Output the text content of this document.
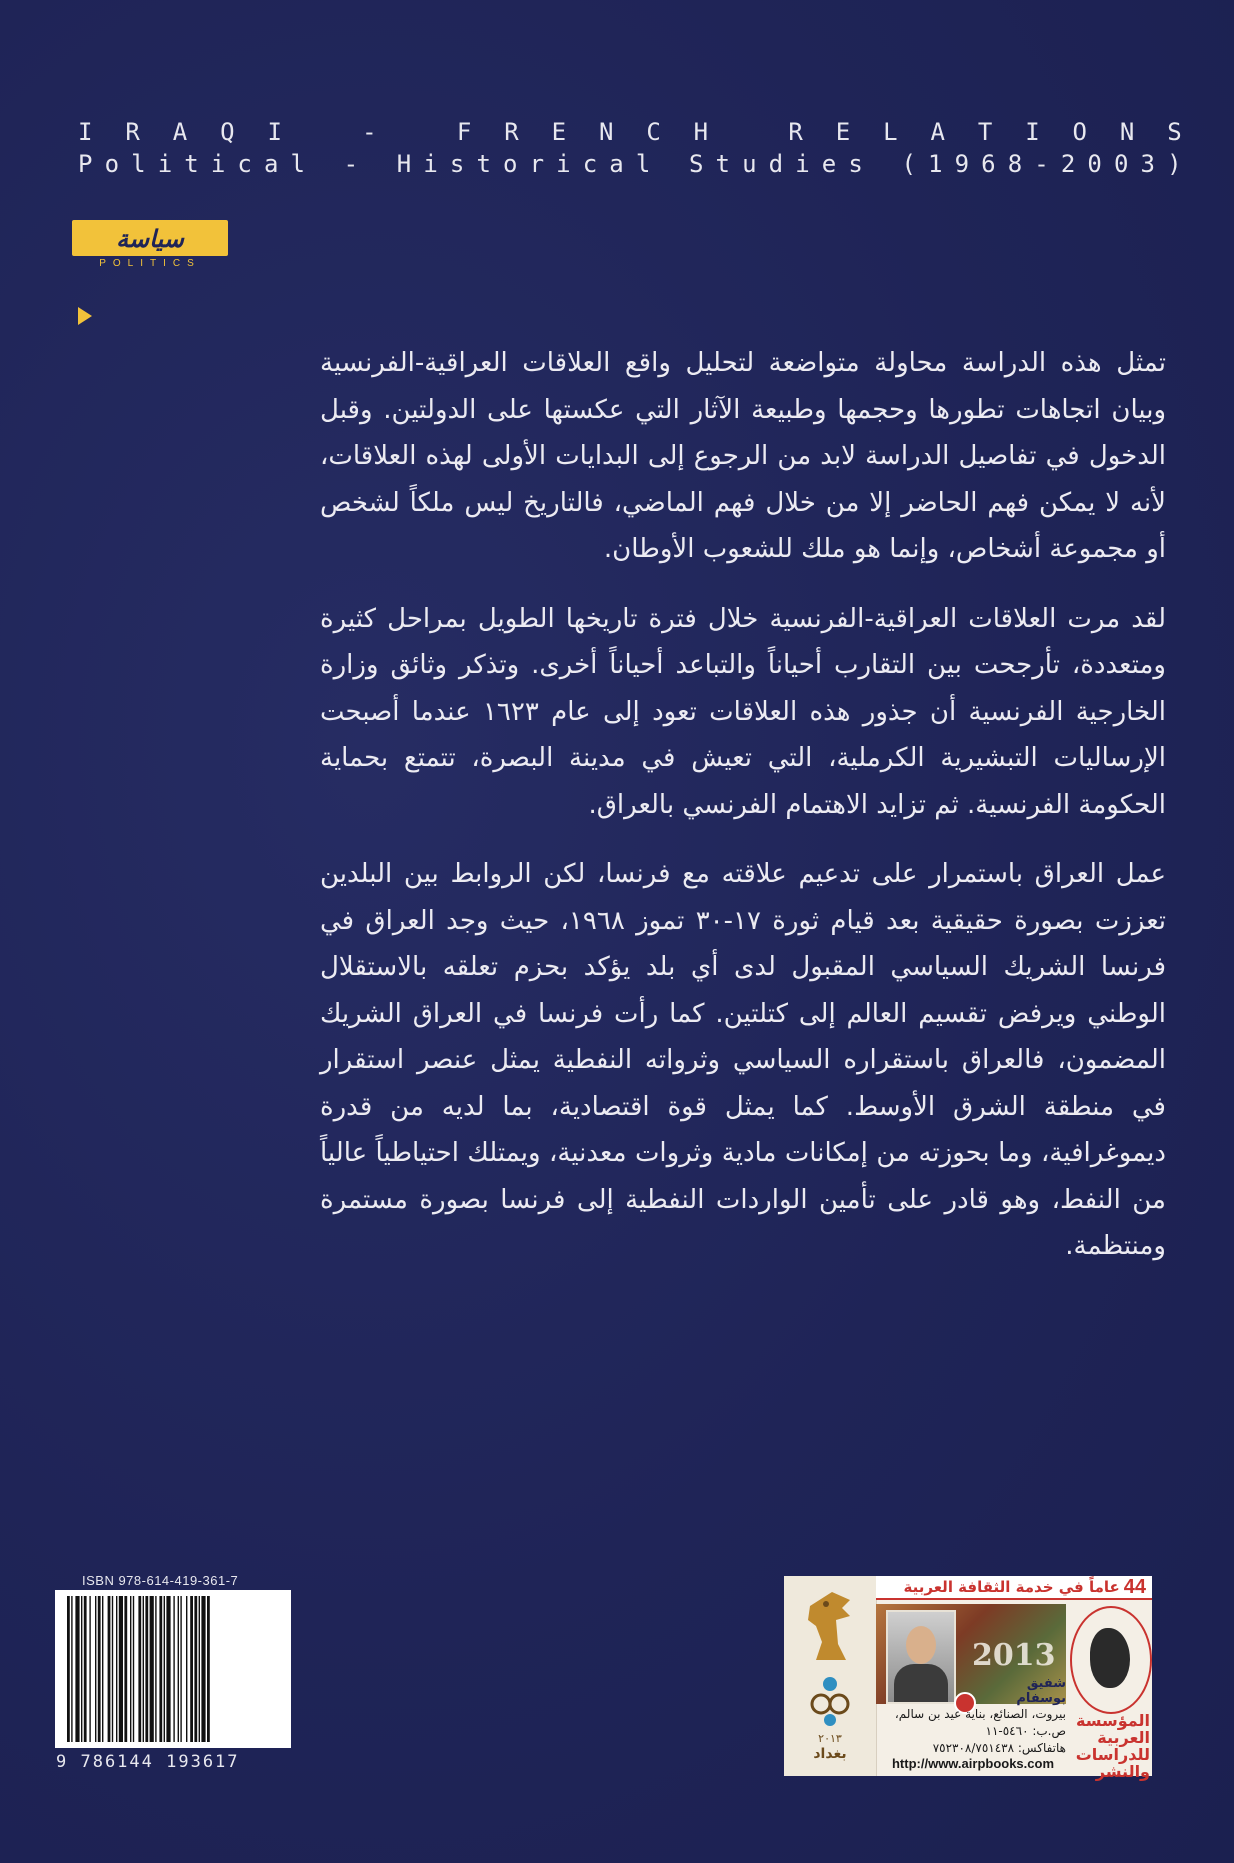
I R A Q I
	-
	F R E N C H
	R E L A T I O N S
P o l i t i c a l
-
H i s t o r i c a l
S t u d i e s
( 1 9 6 8 - 2 0 0 3 )
سياسة
POLITICS

تمثل هذه الدراسة محاولة متواضعة لتحليل واقع العلاقات العراقية-الفرنسية وبيان اتجاهات تطورها وحجمها وطبيعة الآثار التي عكستها على الدولتين. وقبل الدخول في تفاصيل الدراسة لابد من الرجوع إلى البدايات الأولى لهذه العلاقات، لأنه لا يمكن فهم الحاضر إلا من خلال فهم الماضي، فالتاريخ ليس ملكاً لشخص أو مجموعة أشخاص، وإنما هو ملك للشعوب الأوطان.

لقد مرت العلاقات العراقية-الفرنسية خلال فترة تاريخها الطويل بمراحل كثيرة ومتعددة، تأرجحت بين التقارب أحياناً والتباعد أحياناً أخرى. وتذكر وثائق وزارة الخارجية الفرنسية أن جذور هذه العلاقات تعود إلى عام ١٦٢٣ عندما أصبحت الإرساليات التبشيرية الكرملية، التي تعيش في مدينة البصرة، تتمتع بحماية الحكومة الفرنسية. ثم تزايد الاهتمام الفرنسي بالعراق.

عمل العراق باستمرار على تدعيم علاقته مع فرنسا، لكن الروابط بين البلدين تعززت بصورة حقيقية بعد قيام ثورة ١٧-٣٠ تموز ١٩٦٨، حيث وجد العراق في فرنسا الشريك السياسي المقبول لدى أي بلد يؤكد بحزم تعلقه بالاستقلال الوطني ويرفض تقسيم العالم إلى كتلتين. كما رأت فرنسا في العراق الشريك المضمون، فالعراق باستقراره السياسي وثرواته النفطية يمثل عنصر استقرار في منطقة الشرق الأوسط. كما يمثل قوة اقتصادية، بما لديه من قدرة ديموغرافية، وما بحوزته من إمكانات مادية وثروات معدنية، ويمتلك احتياطياً عالياً من النفط، وهو قادر على تأمين الواردات النفطية إلى فرنسا بصورة مستمرة ومنتظمة.

ISBN 978-614-419-361-7
9 786144 193617
٢٠١٣
بغداد
عاماً في خدمة الثقافة العربية 44
2013
شفيق بوسفام
المؤسسة العربية للدراسات والنشر
بيروت، الصنائع، بناية عيد بن سالم، ص.ب: ٥٤٦٠-١١
هاتفاكس: ٧٥٢٣٠٨/٧٥١٤٣٨
http://www.airpbooks.com
